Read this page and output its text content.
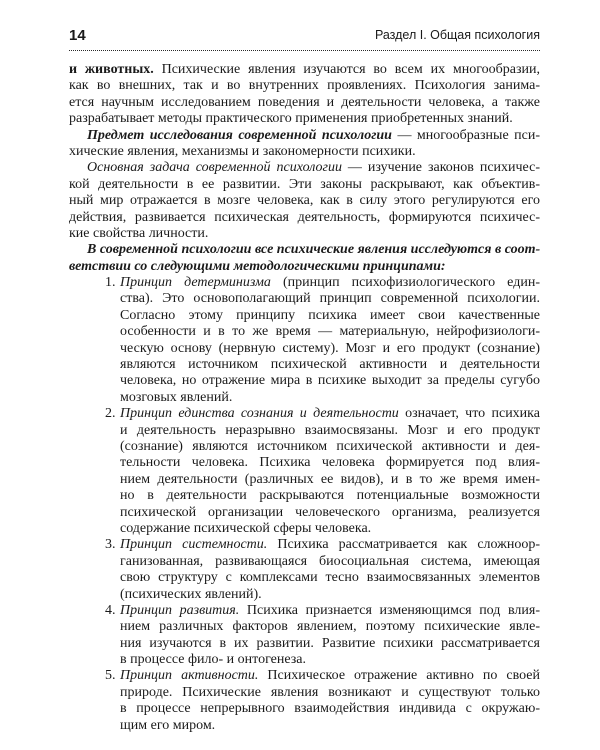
14	Раздел I. Общая психология
и животных. Психические явления изучаются во всем их многообразии,
как во внешних, так и во внутренних проявлениях. Психология занима-
ется научным исследованием поведения и деятельности человека, а также
разрабатывает методы практического применения приобретенных знаний.
Предмет исследования современной психологии — многообразные пси-
хические явления, механизмы и закономерности психики.
Основная задача современной психологии — изучение законов психичес-
кой деятельности в ее развитии. Эти законы раскрывают, как объектив-
ный мир отражается в мозге человека, как в силу этого регулируются его
действия, развивается психическая деятельность, формируются психичес-
кие свойства личности.
В современной психологии все психические явления исследуются в соот-
ветствии со следующими методологическими принципами:
1. Принцип детерминизма (принцип психофизиологического един-
ства). Это основополагающий принцип современной психологии.
Согласно этому принципу психика имеет свои качественные
особенности и в то же время — материальную, нейрофизиологи-
ческую основу (нервную систему). Мозг и его продукт (сознание)
являются источником психической активности и деятельности
человека, но отражение мира в психике выходит за пределы сугубо
мозговых явлений.
2. Принцип единства сознания и деятельности означает, что психика
и деятельность неразрывно взаимосвязаны. Мозг и его продукт
(сознание) являются источником психической активности и дея-
тельности человека. Психика человека формируется под влия-
нием деятельности (различных ее видов), и в то же время имен-
но в деятельности раскрываются потенциальные возможности
психической организации человеческого организма, реализуется
содержание психической сферы человека.
3. Принцип системности. Психика рассматривается как сложноор-
ганизованная, развивающаяся биосоциальная система, имеющая
свою структуру с комплексами тесно взаимосвязанных элементов
(психических явлений).
4. Принцип развития. Психика признается изменяющимся под влия-
нием различных факторов явлением, поэтому психические явле-
ния изучаются в их развитии. Развитие психики рассматривается
в процессе фило- и онтогенеза.
5. Принцип активности. Психическое отражение активно по своей
природе. Психические явления возникают и существуют только
в процессе непрерывного взаимодействия индивида с окружаю-
щим его миром.
